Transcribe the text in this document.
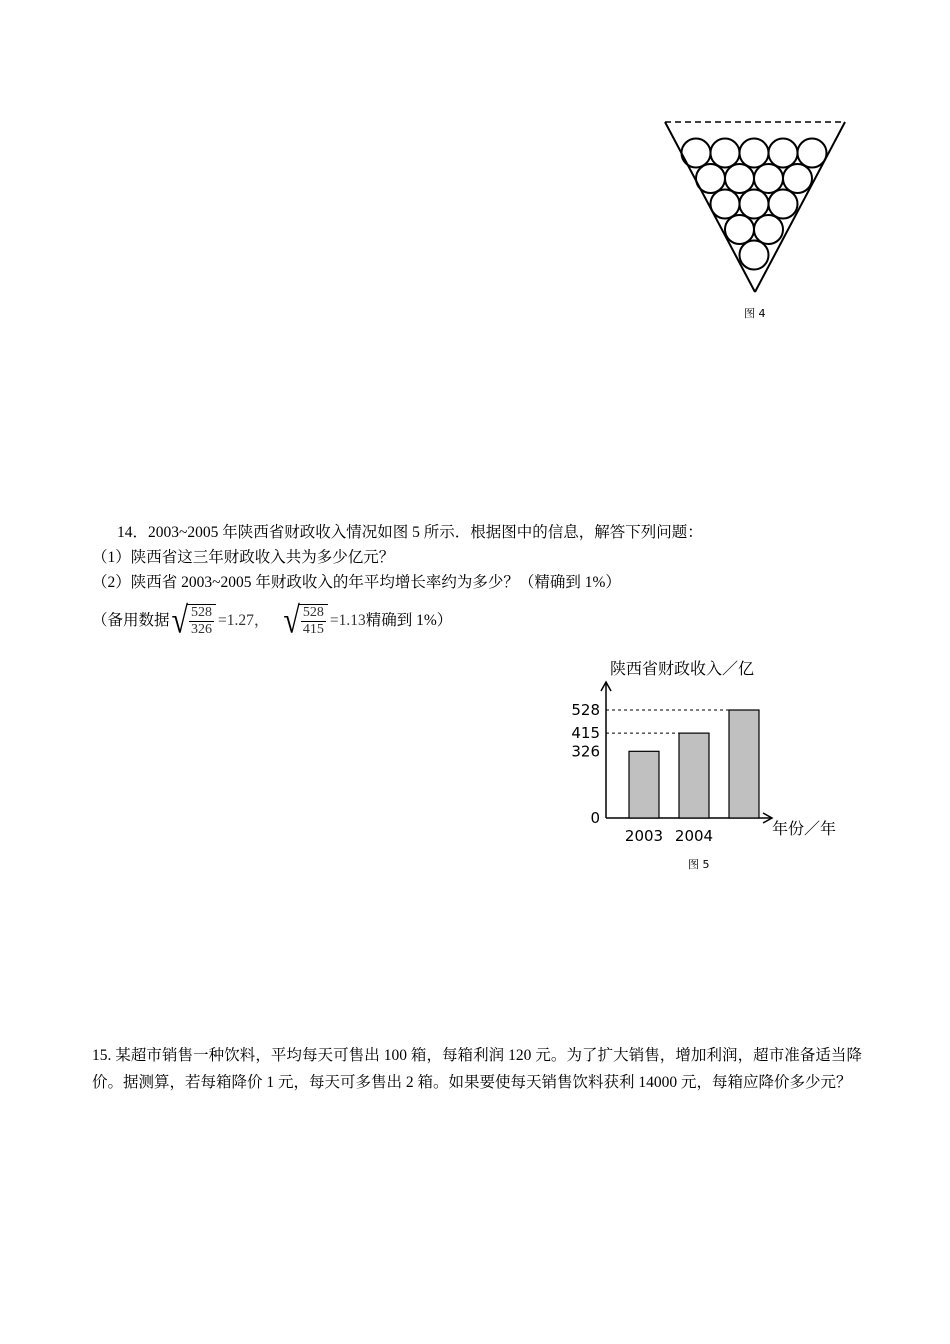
图 4
14．2003~2005 年陕西省财政收入情况如图 5 所示．根据图中的信息，解答下列问题：
（1）陕西省这三年财政收入共为多少亿元？
（2）陕西省 2003~2005 年财政收入的年平均增长率约为多少？（精确到 1%）
（备用数据 √ $\frac{528}{326} =1.27$， √ $\frac{528}{415} =1.13$ 精确到 1%）
陕西省财政收入／亿
年份／年
图 5
528
415
326
0
2003 2004
15. 某超市销售一种饮料，平均每天可售出 100 箱，每箱利润 120 元。为了扩大销售，增加利润，超市准备适当降价。据测算，若每箱降价 1 元，每天可多售出 2 箱。如果要使每天销售饮料获利 14000 元，每箱应降价多少元？
